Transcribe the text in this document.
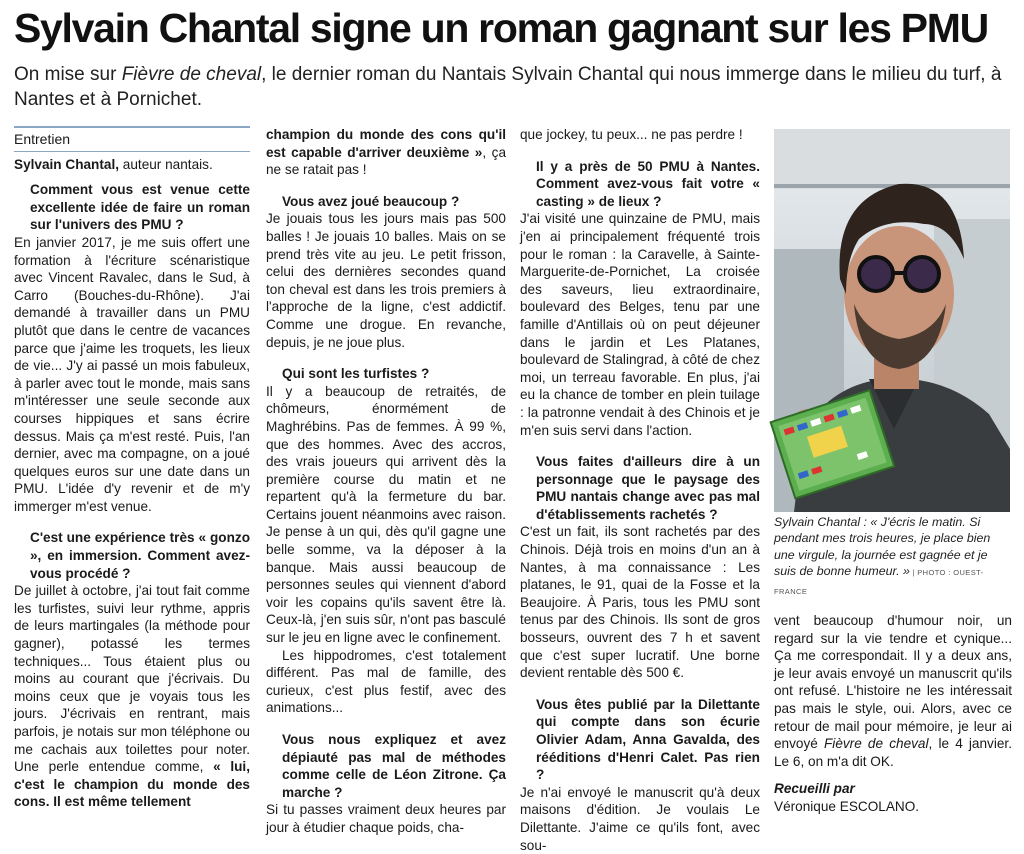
Sylvain Chantal signe un roman gagnant sur les PMU
On mise sur Fièvre de cheval, le dernier roman du Nantais Sylvain Chantal qui nous immerge dans le milieu du turf, à Nantes et à Pornichet.
Entretien
Sylvain Chantal, auteur nantais.

Comment vous est venue cette excellente idée de faire un roman sur l'univers des PMU ?

En janvier 2017, je me suis offert une formation à l'écriture scénaristique avec Vincent Ravalec, dans le Sud, à Carro (Bouches-du-Rhône). J'ai demandé à travailler dans un PMU plutôt que dans le centre de vacances parce que j'aime les troquets, les lieux de vie... J'y ai passé un mois fabuleux, à parler avec tout le monde, mais sans m'intéresser une seule seconde aux courses hippiques et sans écrire dessus. Mais ça m'est resté. Puis, l'an dernier, avec ma compagne, on a joué quelques euros sur une date dans un PMU. L'idée d'y revenir et de m'y immerger m'est venue.

C'est une expérience très « gonzo », en immersion. Comment avez-vous procédé ?

De juillet à octobre, j'ai tout fait comme les turfistes, suivi leur rythme, appris de leurs martingales (la méthode pour gagner), potassé les termes techniques... Tous étaient plus ou moins au courant que j'écrivais. Du moins ceux que je voyais tous les jours. J'écrivais en rentrant, mais parfois, je notais sur mon téléphone ou me cachais aux toilettes pour noter. Une perle entendue comme, « lui, c'est le champion du monde des cons. Il est même tellement

champion du monde des cons qu'il est capable d'arriver deuxième », ça ne se ratait pas !

Vous avez joué beaucoup ?

Je jouais tous les jours mais pas 500 balles ! Je jouais 10 balles. Mais on se prend très vite au jeu. Le petit frisson, celui des dernières secondes quand ton cheval est dans les trois premiers à l'approche de la ligne, c'est addictif. Comme une drogue. En revanche, depuis, je ne joue plus.

Qui sont les turfistes ?

Il y a beaucoup de retraités, de chômeurs, énormément de Maghrébins. Pas de femmes. À 99 %, que des hommes. Avec des accros, des vrais joueurs qui arrivent dès la première course du matin et ne repartent qu'à la fermeture du bar. Certains jouent néanmoins avec raison. Je pense à un qui, dès qu'il gagne une belle somme, va la déposer à la banque. Mais aussi beaucoup de personnes seules qui viennent d'abord voir les copains qu'ils savent être là. Ceux-là, j'en suis sûr, n'ont pas basculé sur le jeu en ligne avec le confinement.

Les hippodromes, c'est totalement différent. Pas mal de famille, des curieux, c'est plus festif, avec des animations...

Vous nous expliquez et avez dépiauté pas mal de méthodes comme celle de Léon Zitrone. Ça marche ?

Si tu passes vraiment deux heures par jour à étudier chaque poids, cha-

que jockey, tu peux... ne pas perdre !

Il y a près de 50 PMU à Nantes. Comment avez-vous fait votre « casting » de lieux ?

J'ai visité une quinzaine de PMU, mais j'en ai principalement fréquenté trois pour le roman : la Caravelle, à Sainte-Marguerite-de-Pornichet, La croisée des saveurs, lieu extraordinaire, boulevard des Belges, tenu par une famille d'Antillais où on peut déjeuner dans le jardin et Les Platanes, boulevard de Stalingrad, à côté de chez moi, un terreau favorable. En plus, j'ai eu la chance de tomber en plein tuilage : la patronne vendait à des Chinois et je m'en suis servi dans l'action.

Vous faites d'ailleurs dire à un personnage que le paysage des PMU nantais change avec pas mal d'établissements rachetés ?

C'est un fait, ils sont rachetés par des Chinois. Déjà trois en moins d'un an à Nantes, à ma connaissance : Les platanes, le 91, quai de la Fosse et la Beaujoire. À Paris, tous les PMU sont tenus par des Chinois. Ils sont de gros bosseurs, ouvrent des 7 h et savent que c'est super lucratif. Une borne devient rentable dès 500 €.

Vous êtes publié par la Dilettante qui compte dans son écurie Olivier Adam, Anna Gavalda, des rééditions d'Henri Calet. Pas rien ?

Je n'ai envoyé le manuscrit qu'à deux maisons d'édition. Je voulais Le Dilettante. J'aime ce qu'ils font, avec sou-

Sylvain Chantal : « J'écris le matin. Si pendant mes trois heures, je place bien une virgule, la journée est gagnée et je suis de bonne humeur. » | PHOTO : OUEST-FRANCE

vent beaucoup d'humour noir, un regard sur la vie tendre et cynique... Ça me correspondait. Il y a deux ans, je leur avais envoyé un manuscrit qu'ils ont refusé. L'histoire ne les intéressait pas mais le style, oui. Alors, avec ce retour de mail pour mémoire, je leur ai envoyé Fièvre de cheval, le 4 janvier. Le 6, on m'a dit OK.

Recueilli par

Véronique ESCOLANO.
